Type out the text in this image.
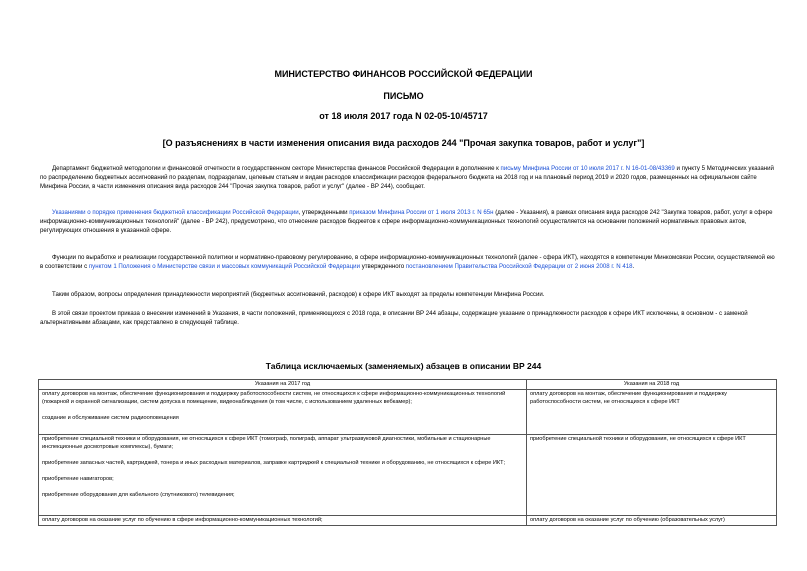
МИНИСТЕРСТВО ФИНАНСОВ РОССИЙСКОЙ ФЕДЕРАЦИИ
ПИСЬМО
от 18 июля 2017 года N 02-05-10/45717
[О разъяснениях в части изменения описания вида расходов 244 "Прочая закупка товаров, работ и услуг"]
Департамент бюджетной методологии и финансовой отчетности в государственном секторе Министерства финансов Российской Федерации в дополнение к письму Минфина России от 10 июля 2017 г. N 16-01-08/43369 и пункту 5 Методических указаний по распределению бюджетных ассигнований по разделам, подразделам, целевым статьям и видам расходов классификации расходов федерального бюджета на 2018 год и на плановый период 2019 и 2020 годов, размещенных на официальном сайте Минфина России, в части изменения описания вида расходов 244 "Прочая закупка товаров, работ и услуг" (далее - ВР 244), сообщает.
Указаниями о порядке применения бюджетной классификации Российской Федерации, утвержденными приказом Минфина России от 1 июля 2013 г. N 65н (далее - Указания), в рамках описания вида расходов 242 "Закупка товаров, работ, услуг в сфере информационно-коммуникационных технологий" (далее - ВР 242), предусмотрено, что отнесение расходов бюджетов к сфере информационно-коммуникационных технологий осуществляется на основании положений нормативных правовых актов, регулирующих отношения в указанной сфере.
Функции по выработке и реализации государственной политики и нормативно-правовому регулированию, в сфере информационно-коммуникационных технологий (далее - сфера ИКТ), находятся в компетенции Минкомсвязи России, осуществляемой ею в соответствии с пунктом 1 Положения о Министерстве связи и массовых коммуникаций Российской Федерации утвержденного постановлением Правительства Российской Федерации от 2 июня 2008 г. N 418.
Таким образом, вопросы определения принадлежности мероприятий (бюджетных ассигнований, расходов) к сфере ИКТ выходят за пределы компетенции Минфина России.
В этой связи проектом приказа о внесении изменений в Указания, в части положений, применяющихся с 2018 года, в описании ВР 244 абзацы, содержащие указание о принадлежности расходов к сфере ИКТ исключены, в основном - с заменой альтернативными абзацами, как представлено в следующей таблице.
Таблица исключаемых (заменяемых) абзацев в описании ВР 244
Указания на 2017 год	Указания на 2018 год

оплату договоров на монтаж, обеспечение функционирования и поддержку работоспособности систем, не относящихся к сфере информационно-коммуникационных технологий (пожарной и охранной сигнализации, систем допуска в помещение, видеонаблюдения (в том числе, с использованием удаленных вебкамер);
создание и обслуживание систем радиооповещения	оплату договоров на монтаж, обеспечение функционирования и поддержку работоспособности систем, не относящихся к сфере ИКТ

приобретение специальной техники и оборудования, не относящихся к сфере ИКТ (томограф, полиграф, аппарат ультразвуковой диагностики, мобильные и стационарные инспекционные досмотровые комплексы), бумаги;
приобретение запасных частей, картриджей, тонера и иных расходных материалов, заправке картриджей к специальной технике и оборудованию, не относящихся к сфере ИКТ;
приобретение навигаторов;
приобретение оборудования для кабельного (спутникового) телевидения;	приобретение специальной техники и оборудования, не относящихся к сфере ИКТ

оплату договоров на оказание услуг по обучению в сфере информационно-коммуникационных технологий;	оплату договоров на оказание услуг по обучению (образовательных услуг)
